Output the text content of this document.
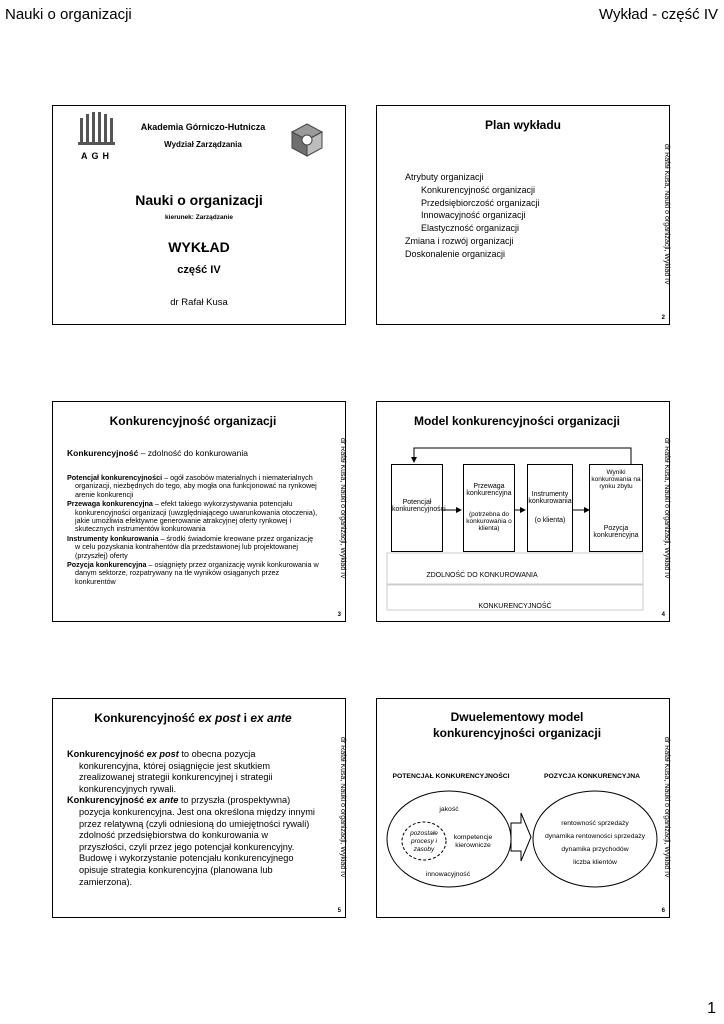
Nauki o organizacji	Wykład - część IV
AGH
Akademia Górniczo-Hutnicza
Wydział Zarządzania
Nauki o organizacji
kierunek: Zarządzanie
WYKŁAD
część IV
dr Rafał Kusa
Plan wykładu
Atrybuty organizacji
Konkurencyjność organizacji
Przedsiębiorczość organizacji
Innowacyjność organizacji
Elastyczność organizacji
Zmiana i rozwój organizacji
Doskonalenie organizacji	dr Rafał Kusa, Nauki o organizacji, Wykład IV
2
Konkurencyjność organizacji
Konkurencyjność – zdolność do konkurowania

Potencjał konkurencyjności – ogół zasobów materialnych i niematerialnych organizacji, niezbędnych do tego, aby mogła ona funkcjonować na rynkowej arenie konkurencji

Przewaga konkurencyjna – efekt takiego wykorzystywania potencjału konkurencyjności organizacji (uwzględniającego uwarunkowania otoczenia), jakie umożliwia efektywne generowanie atrakcyjnej oferty rynkowej i skutecznych instrumentów konkurowania

Instrumenty konkurowania – środki świadomie kreowane przez organizację w celu pozyskania kontrahentów dla przedstawionej lub projektowanej (przyszłej) oferty

Pozycja konkurencyjna – osiągnięty przez organizację wynik konkurowania w danym sektorze, rozpatrywany na tle wyników osiąganych przez konkurentów

dr Rafał Kusa, Nauki o organizacji, Wykład IV
3
Model konkurencyjności organizacji
Potencjał konkurencyjności
Przewaga konkurencyjna
(potrzebna do konkurowania o klienta)
Instrumenty konkurowania
(o klienta)
Wyniki konkurowania na rynku zbytu
Pozycja konkurencyjna
ZDOLNOŚĆ DO KONKUROWANIA
KONKURENCYJNOŚĆ
dr Rafał Kusa, Nauki o organizacji, Wykład IV
4
Konkurencyjność ex post i ex ante

Konkurencyjność ex post to obecna pozycja konkurencyjna, której osiągnięcie jest skutkiem zrealizowanej strategii konkurencyjnej i strategii konkurencyjnych rywali.

Konkurencyjność ex ante to przyszła (prospektywna) pozycja konkurencyjna. Jest ona określona między innymi przez relatywną (czyli odniesioną do umiejętności rywali) zdolność przedsiębiorstwa do konkurowania w przyszłości, czyli przez jego potencjał konkurencyjny. Budowę i wykorzystanie potencjału konkurencyjnego opisuje strategia konkurencyjna (planowana lub zamierzona).

dr Rafał Kusa, Nauki o organizacji, Wykład IV
5
Dwuelementowy model
konkurencyjności organizacji
POTENCJAŁ KONKURENCYJNOŚCI	POZYCJA KONKURENCYJNA
jakość
pozostałe procesy i zasoby
kompetencje kierownicze
innowacyjność
rentowność sprzedaży
dynamika rentowności sprzedaży
dynamika przychodów
liczba klientów	dr Rafał Kusa, Nauki o organizacji, Wykład IV
6
1
